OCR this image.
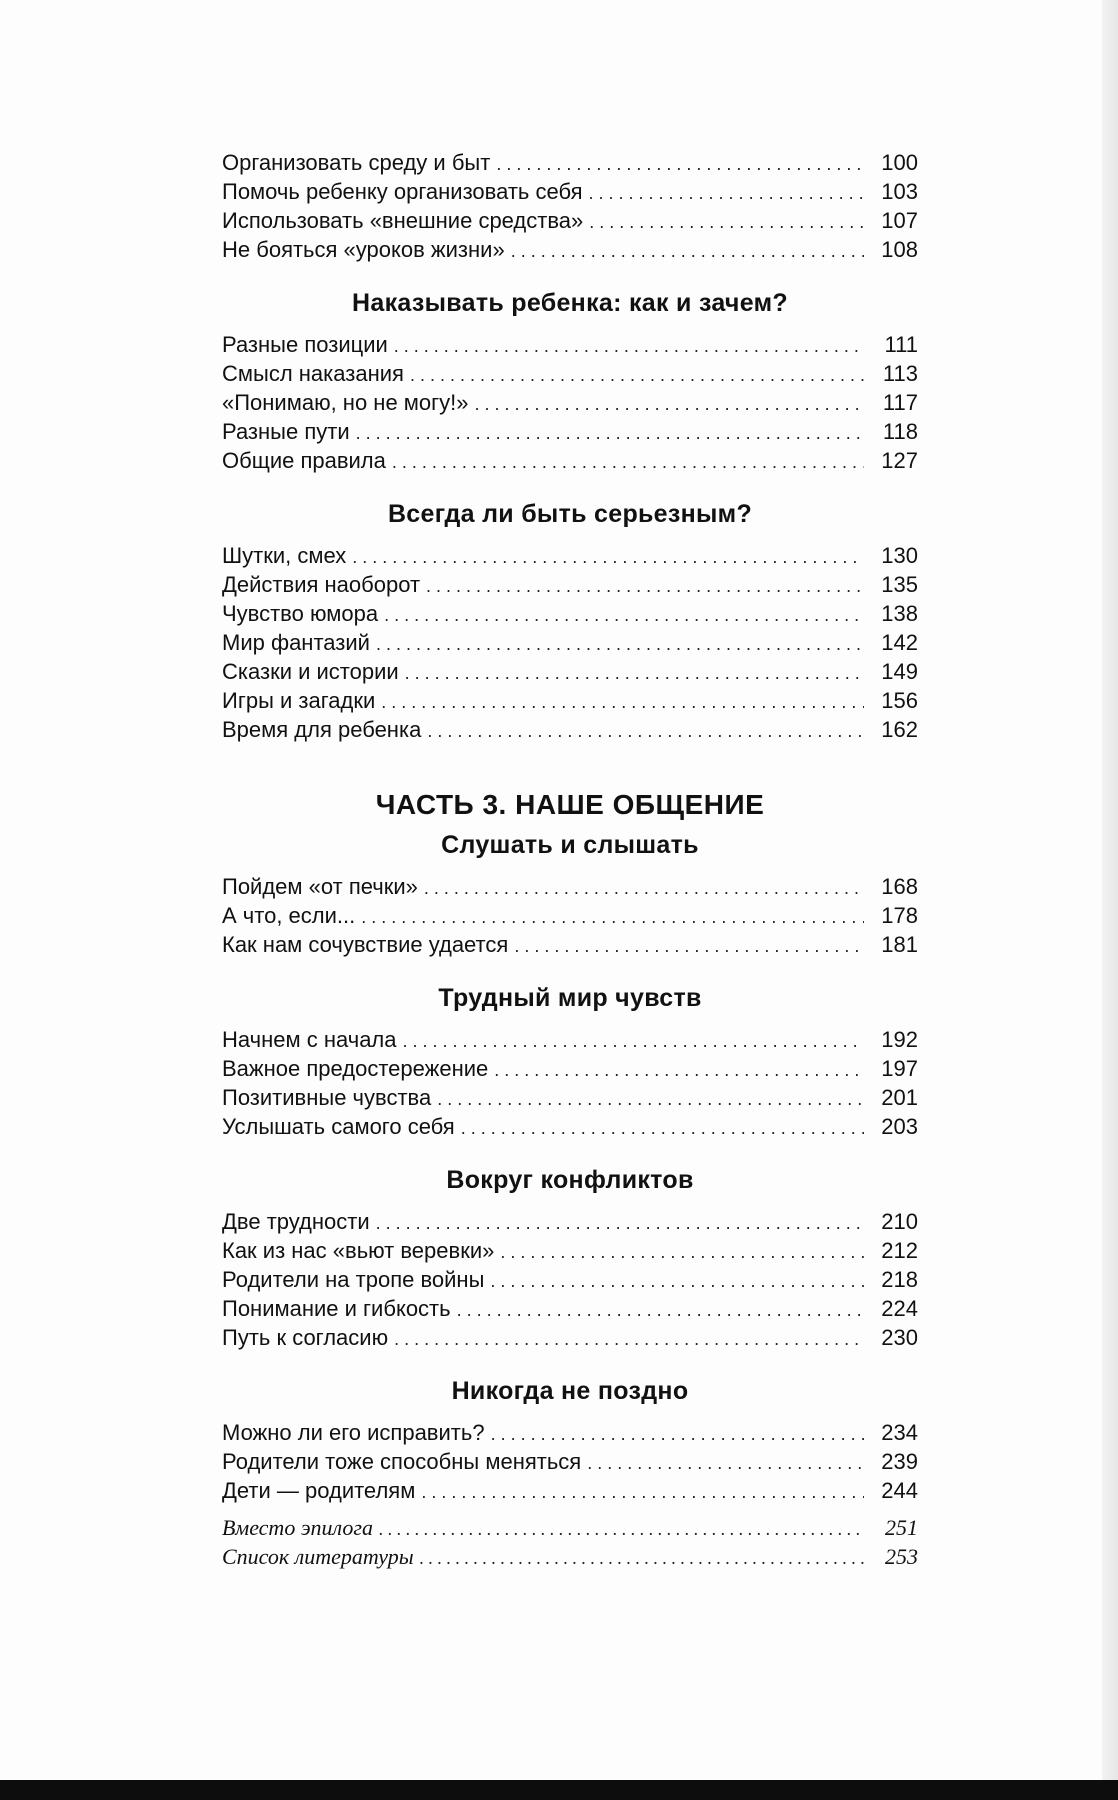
Организовать среду и быт . . .	100
Помочь ребенку организовать себя . . .	103
Использовать «внешние средства» . . .	107
Не бояться «уроков жизни» . . .	108
Наказывать ребенка: как и зачем?
Разные позиции . . .	111
Смысл наказания . . .	113
«Понимаю, но не могу!» . . .	117
Разные пути . . .	118
Общие правила . . .	127
Всегда ли быть серьезным?
Шутки, смех . . .	130
Действия наоборот . . .	135
Чувство юмора . . .	138
Мир фантазий . . .	142
Сказки и истории . . .	149
Игры и загадки . . .	156
Время для ребенка . . .	162
ЧАСТЬ 3. НАШЕ ОБЩЕНИЕ
Слушать и слышать
Пойдем «от печки» . . .	168
А что, если... . . .	178
Как нам сочувствие удается . . .	181
Трудный мир чувств
Начнем с начала . . .	192
Важное предостережение . . .	197
Позитивные чувства . . .	201
Услышать самого себя . . .	203
Вокруг конфликтов
Две трудности . . .	210
Как из нас «вьют веревки» . . .	212
Родители на тропе войны . . .	218
Понимание и гибкость . . .	224
Путь к согласию . . .	230
Никогда не поздно
Можно ли его исправить? . . .	234
Родители тоже способны меняться . . .	239
Дети — родителям . . .	244
Вместо эпилога . . .	251
Список литературы . . .	253
